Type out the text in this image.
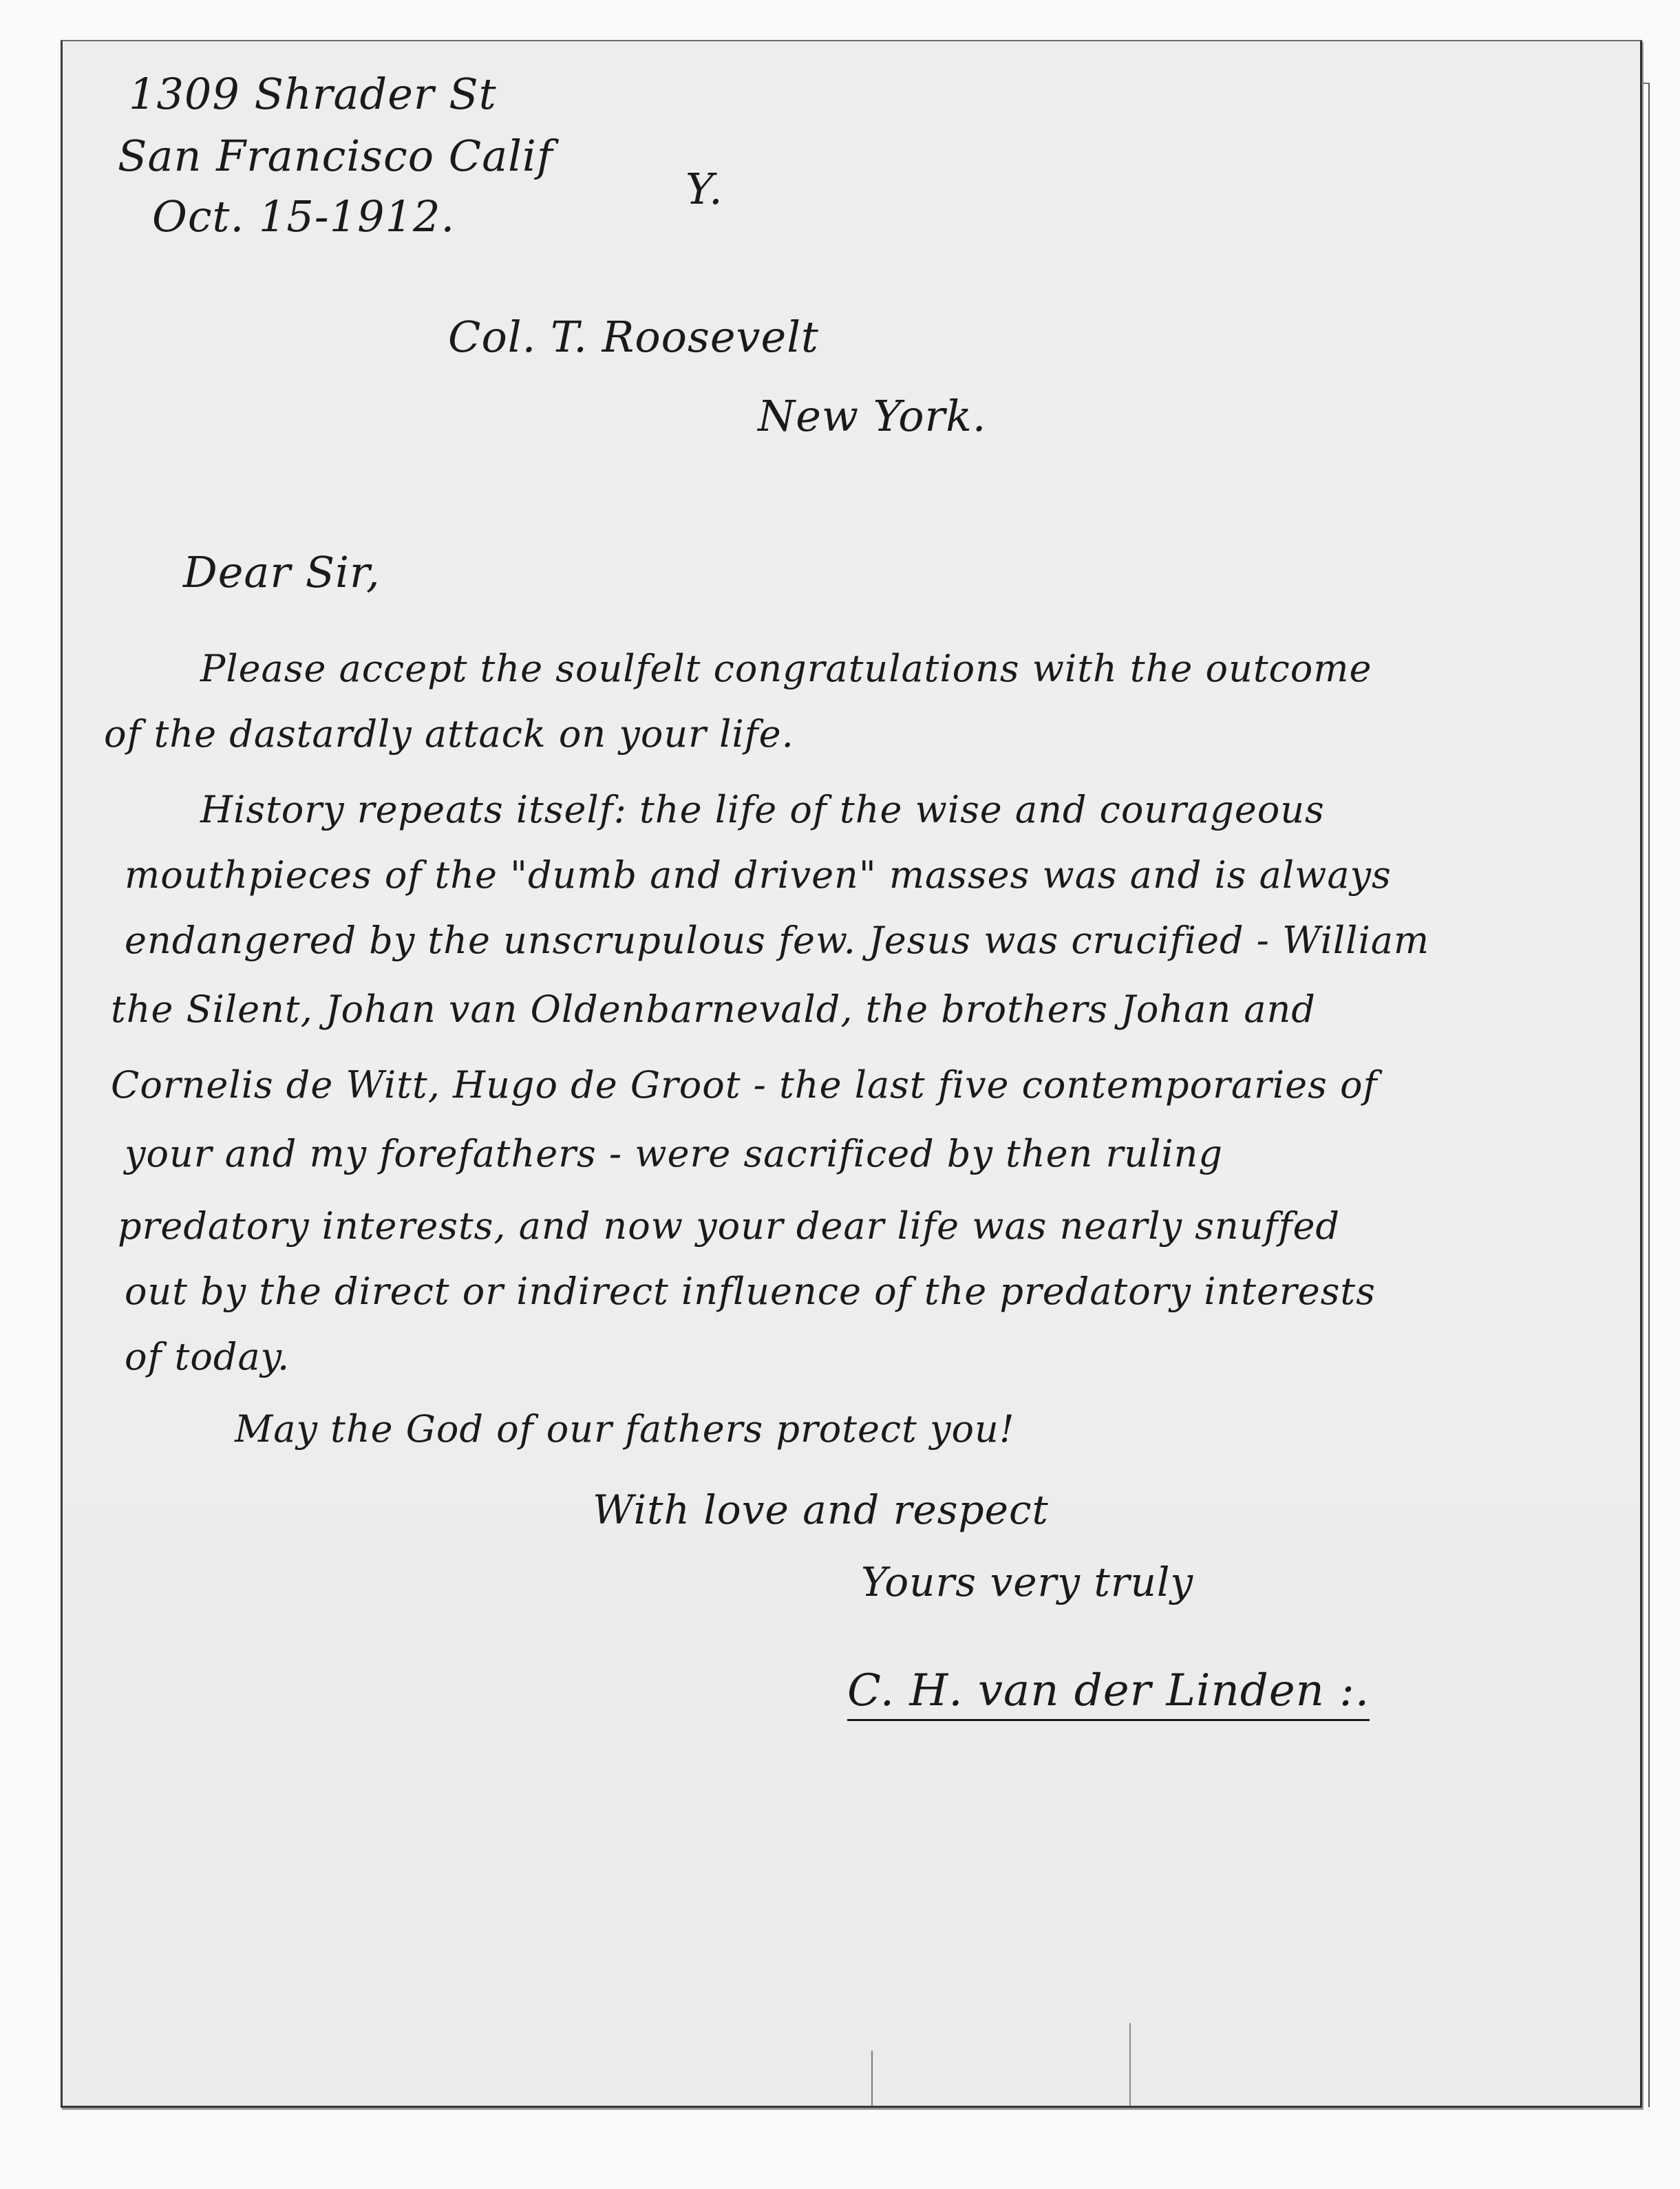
1309 Shrader St

San Francisco Calif

Oct. 15-1912.

Y.

Col. T. Roosevelt

New York.

Dear Sir,

Please accept the soulfelt congratulations with the outcome

of the dastardly attack on your life.

History repeats itself: the life of the wise and courageous

mouthpieces of the "dumb and driven" masses was and is always

endangered by the unscrupulous few. Jesus was crucified - William

the Silent, Johan van Oldenbarnevald, the brothers Johan and

Cornelis de Witt, Hugo de Groot - the last five contemporaries of

your and my forefathers - were sacrificed by then ruling

predatory interests, and now your dear life was nearly snuffed

out by the direct or indirect influence of the predatory interests

of today.

May the God of our fathers protect you!

With love and respect

Yours very truly

C. H. van der Linden :.
